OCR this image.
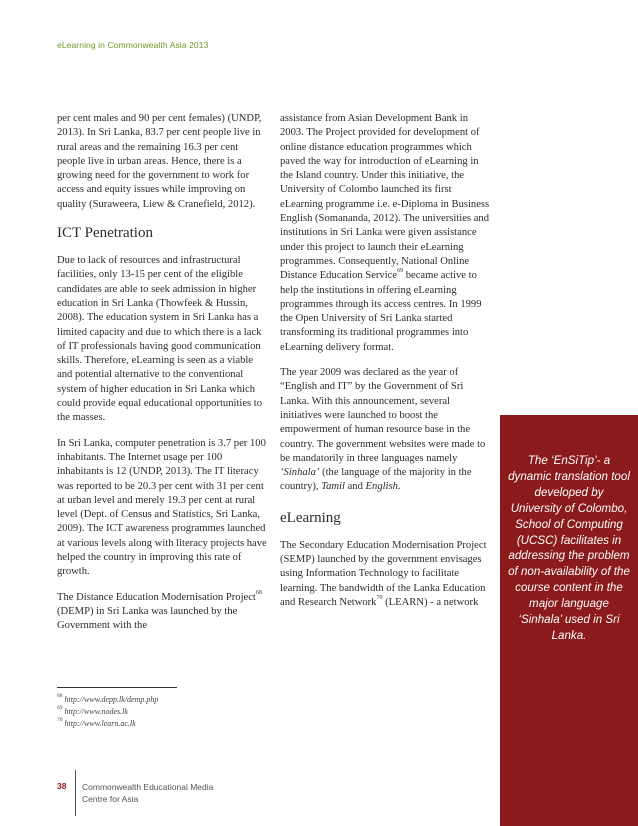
eLearning in Commonwealth Asia 2013

per cent males and 90 per cent females) (UNDP, 2013). In Sri Lanka, 83.7 per cent people live in rural areas and the remaining 16.3 per cent people live in urban areas. Hence, there is a growing need for the government to work for access and equity issues while improving on quality (Suraweera, Liew & Cranefield, 2012).

ICT Penetration

Due to lack of resources and infrastructural facilities, only 13-15 per cent of the eligible candidates are able to seek admission in higher education in Sri Lanka (Thowfeek & Hussin, 2008). The education system in Sri Lanka has a limited capacity and due to which there is a lack of IT professionals having good communication skills. Therefore, eLearning is seen as a viable and potential alternative to the conventional system of higher education in Sri Lanka which could provide equal educational opportunities to the masses.

In Sri Lanka, computer penetration is 3.7 per 100 inhabitants. The Internet usage per 100 inhabitants is 12 (UNDP, 2013). The IT literacy was reported to be 20.3 per cent with 31 per cent at urban level and merely 19.3 per cent at rural level (Dept. of Census and Statistics, Sri Lanka, 2009). The ICT awareness programmes launched at various levels along with literacy projects have helped the country in improving this rate of growth.

The Distance Education Modernisation Project$^{68}$ (DEMP) in Sri Lanka was launched by the Government with the

assistance from Asian Development Bank in 2003. The Project provided for development of online distance education programmes which paved the way for introduction of eLearning in the Island country. Under this initiative, the University of Colombo launched its first eLearning programme i.e. e-Diploma in Business English (Somananda, 2012). The universities and institutions in Sri Lanka were given assistance under this project to launch their eLearning programmes. Consequently, National Online Distance Education Service$^{69}$ became active to help the institutions in offering eLearning programmes through its access centres. In 1999 the Open University of Sri Lanka started transforming its traditional programmes into eLearning delivery format.

The year 2009 was declared as the year of “English and IT” by the Government of Sri Lanka. With this announcement, several initiatives were launched to boost the empowerment of human resource base in the country. The government websites were made to be mandatorily in three languages namely ‘Sinhala’ (the language of the majority in the country), Tamil and English.

eLearning

The Secondary Education Modernisation Project (SEMP) launched by the government envisages using Information Technology to facilitate learning. The bandwidth of the Lanka Education and Research Network$^{70}$ (LEARN) - a network

$^{68}$ http://www.depp.lk/demp.php
$^{69}$ http://www.nodes.lk
$^{70}$ http://www.learn.ac.lk
38 Commonwealth Educational Media
Centre for Asia
The ‘EnSiTip’- a dynamic translation tool developed by University of Colombo, School of Computing (UCSC) facilitates in addressing the problem of non-availability of the course content in the major language ‘Sinhala’ used in Sri Lanka.
